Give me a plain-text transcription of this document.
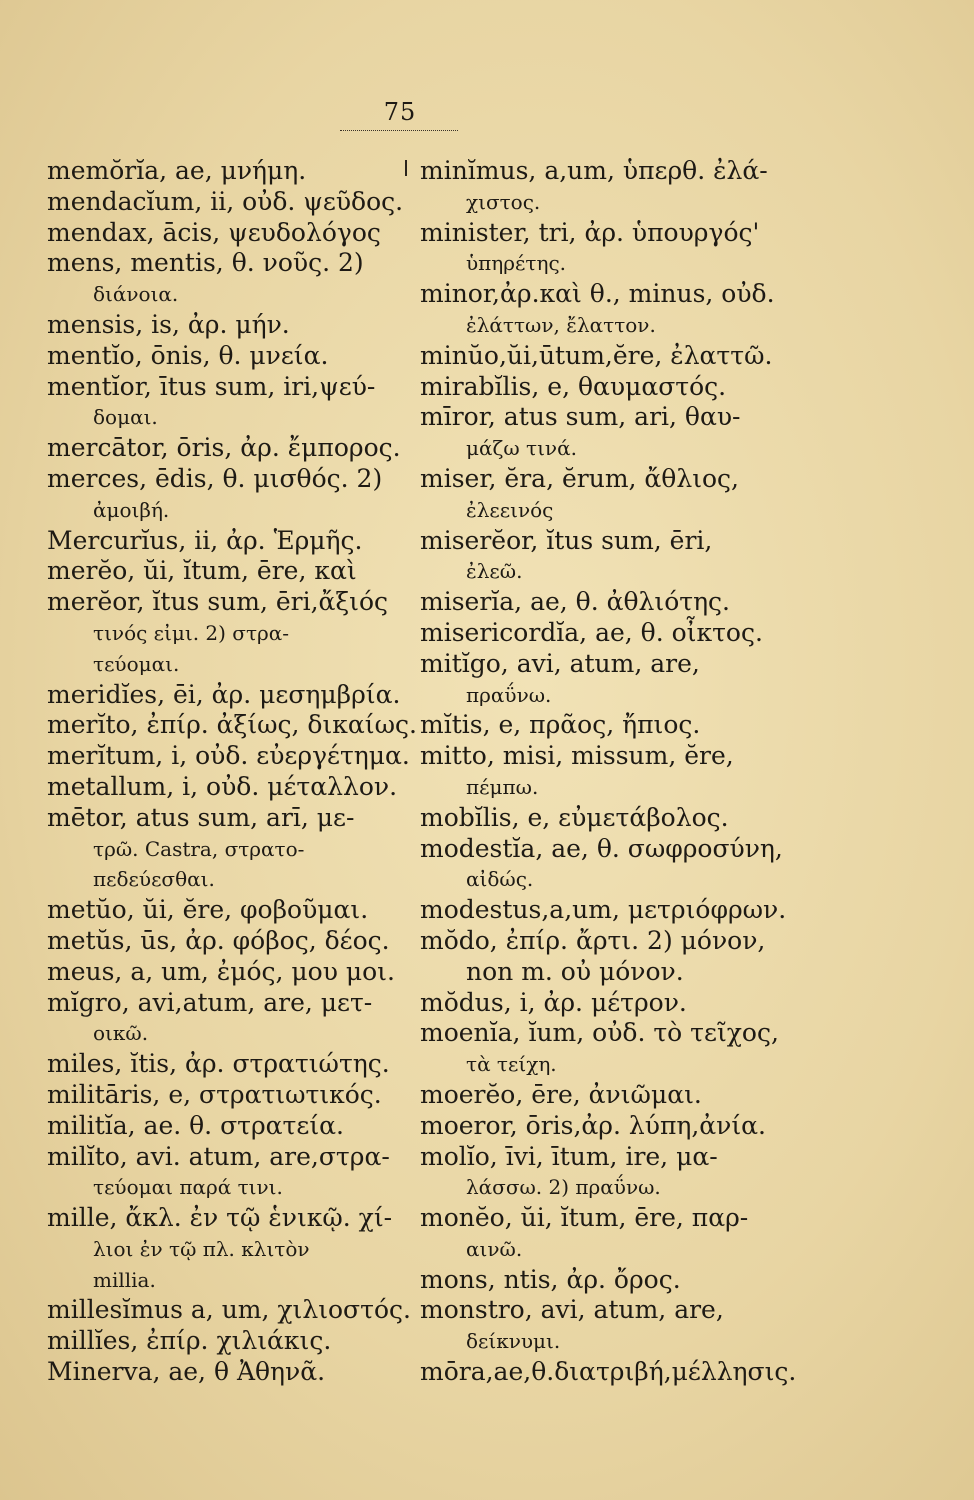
75
memŏrĭa, ae, μνήμη.
mendacĭum, ii, οὐδ. ψεῦδος.
mendax, ācis, ψευδολόγος
mens, mentis, θ. νοῦς. 2)
διάνοια.
mensis, is, ἀρ. μήν.
mentĭo, ōnis, θ. μνεία.
mentĭor, ītus sum, iri,ψεύ-
δομαι.
mercātor, ōris, ἀρ. ἔμπορος.
merces, ēdis, θ. μισθός. 2)
ἀμοιβή.
Mercurĭus, ii, ἀρ. Ἑρμῆς.
merĕo, ŭi, ĭtum, ēre, καὶ
merĕor, ĭtus sum, ēri,ἄξιός
τινός εἰμι. 2) στρα-
τεύομαι.
meridĭes, ēi, ἀρ. μεσημβρία.
merĭto, ἐπίρ. ἀξίως, δικαίως.
merĭtum, i, οὐδ. εὐεργέτημα.
metallum, i, οὐδ. μέταλλον.
mētor, atus sum, arī, με-
τρῶ. Castra, στρατο-
πεδεύεσθαι.
metŭo, ŭi, ĕre, φοβοῦμαι.
metŭs, ūs, ἀρ. φόβος, δέος.
meus, a, um, ἐμός, μου μοι.
mĭgro, avi,atum, are, μετ-
οικῶ.
miles, ĭtis, ἀρ. στρατιώτης.
militāris, e, στρατιωτικός.
militĭa, ae. θ. στρατεία.
milĭto, avi. atum, are,στρα-
τεύομαι παρά τινι.
mille, ἄκλ. ἐν τῷ ἑνικῷ. χί-
λιοι ἐν τῷ πλ. κλιτὸν
millia.
millesĭmus a, um, χιλιοστός.
millĭes, ἐπίρ. χιλιάκις.
Minerva, ae, θ Ἀθηνᾶ.
minĭmus, a,um, ὑπερθ. ἐλά-
χιστος.
minister, tri, ἀρ. ὑπουργός'
ὑπηρέτης.
minor,ἀρ.καὶ θ., minus, οὐδ.
ἐλάττων, ἔλαττον.
minŭo,ŭi,ūtum,ĕre, ἐλαττῶ.
mirabĭlis, e, θαυμαστός.
mīror, atus sum, ari, θαυ-
μάζω τινά.
miser, ĕra, ĕrum, ἄθλιος,
ἐλεεινός
miserĕor, ĭtus sum, ēri,
ἐλεῶ.
miserĭa, ae, θ. ἀθλιότης.
misericordĭa, ae, θ. οἶκτος.
mitĭgo, avi, atum, are,
πραΰνω.
mĭtis, e, πρᾶος, ἤπιος.
mitto, misi, missum, ĕre,
πέμπω.
mobĭlis, e, εὐμετάβολος.
modestĭa, ae, θ. σωφροσύνη,
αἰδώς.
modestus,a,um, μετριόφρων.
mŏdo, ἐπίρ. ἄρτι. 2) μόνον,
non m. οὐ μόνον.
mŏdus, i, ἀρ. μέτρον.
moenĭa, ĭum, οὐδ. τὸ τεῖχος,
τὰ τείχη.
moerĕo, ēre, ἀνιῶμαι.
moeror, ōris,ἀρ. λύπη,ἀνία.
molĭo, īvi, ītum, ire, μα-
λάσσω. 2) πραΰνω.
monĕo, ŭi, ĭtum, ēre, παρ-
αινῶ.
mons, ntis, ἀρ. ὄρος.
monstro, avi, atum, are,
δείκνυμι.
mōra,ae,θ.διατριβή,μέλλησις.
